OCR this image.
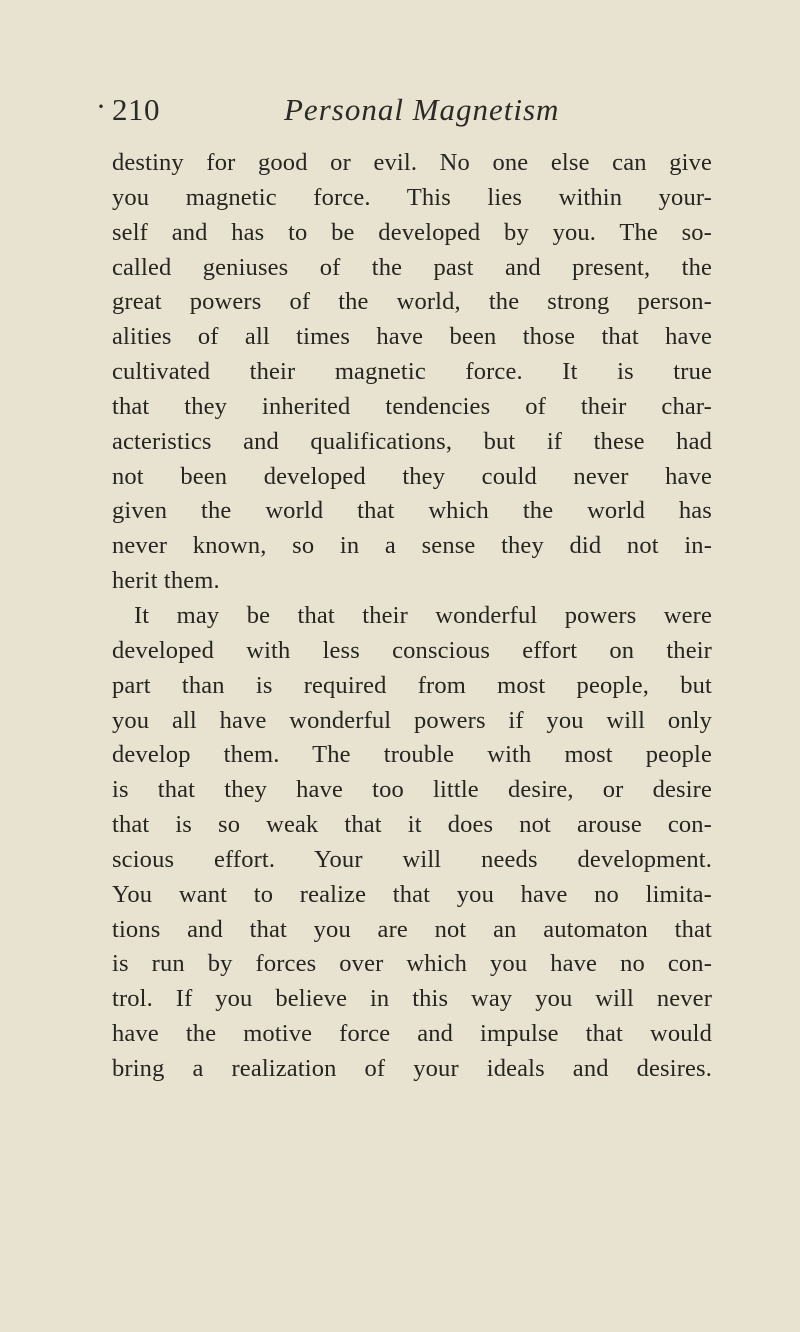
· 210	Personal Magnetism
destiny for good or evil. No one else can give
you magnetic force. This lies within your-
self and has to be developed by you. The so-
called geniuses of the past and present, the
great powers of the world, the strong person-
alities of all times have been those that have
cultivated their magnetic force. It is true
that they inherited tendencies of their char-
acteristics and qualifications, but if these had
not been developed they could never have
given the world that which the world has
never known, so in a sense they did not in-
herit them.
It may be that their wonderful powers were
developed with less conscious effort on their
part than is required from most people, but
you all have wonderful powers if you will only
develop them. The trouble with most people
is that they have too little desire, or desire
that is so weak that it does not arouse con-
scious effort. Your will needs development.
You want to realize that you have no limita-
tions and that you are not an automaton that
is run by forces over which you have no con-
trol. If you believe in this way you will never
have the motive force and impulse that would
bring a realization of your ideals and desires.
